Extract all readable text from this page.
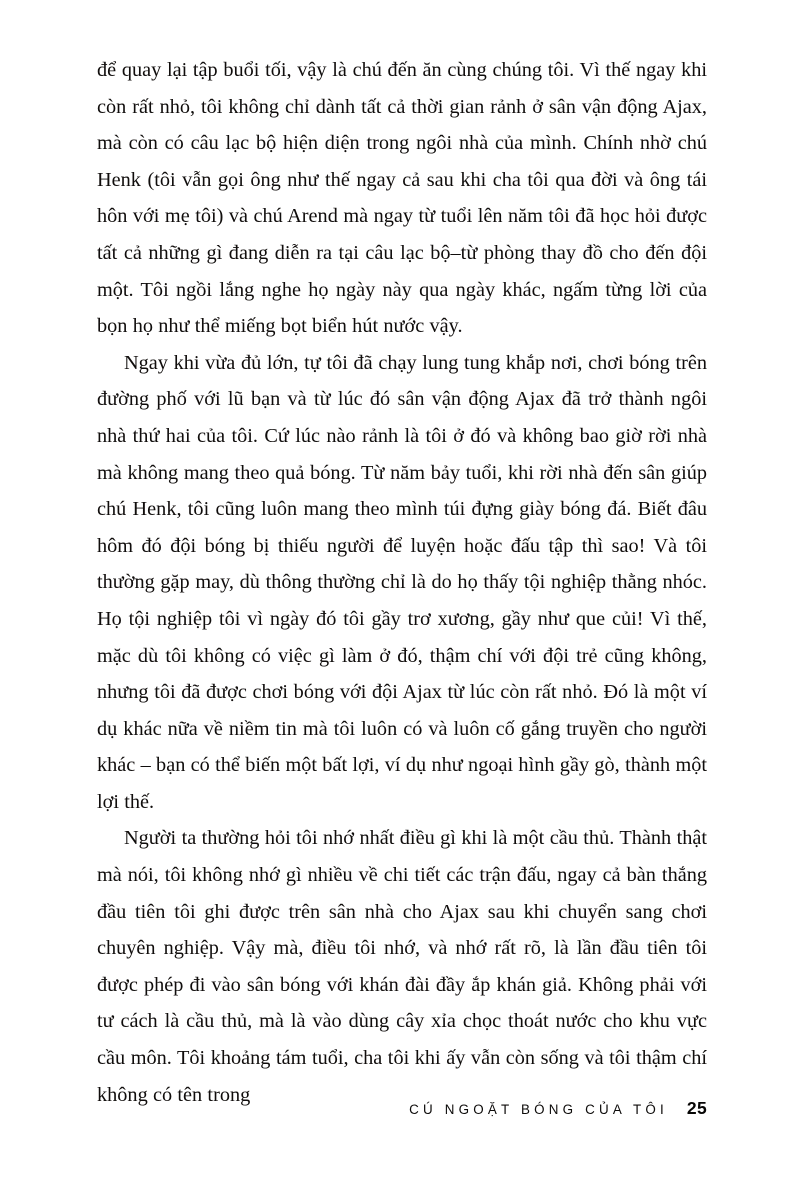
để quay lại tập buổi tối, vậy là chú đến ăn cùng chúng tôi. Vì thế ngay khi còn rất nhỏ, tôi không chỉ dành tất cả thời gian rảnh ở sân vận động Ajax, mà còn có câu lạc bộ hiện diện trong ngôi nhà của mình. Chính nhờ chú Henk (tôi vẫn gọi ông như thế ngay cả sau khi cha tôi qua đời và ông tái hôn với mẹ tôi) và chú Arend mà ngay từ tuổi lên năm tôi đã học hỏi được tất cả những gì đang diễn ra tại câu lạc bộ–từ phòng thay đồ cho đến đội một. Tôi ngồi lắng nghe họ ngày này qua ngày khác, ngấm từng lời của bọn họ như thể miếng bọt biển hút nước vậy.

Ngay khi vừa đủ lớn, tự tôi đã chạy lung tung khắp nơi, chơi bóng trên đường phố với lũ bạn và từ lúc đó sân vận động Ajax đã trở thành ngôi nhà thứ hai của tôi. Cứ lúc nào rảnh là tôi ở đó và không bao giờ rời nhà mà không mang theo quả bóng. Từ năm bảy tuổi, khi rời nhà đến sân giúp chú Henk, tôi cũng luôn mang theo mình túi đựng giày bóng đá. Biết đâu hôm đó đội bóng bị thiếu người để luyện hoặc đấu tập thì sao! Và tôi thường gặp may, dù thông thường chỉ là do họ thấy tội nghiệp thằng nhóc. Họ tội nghiệp tôi vì ngày đó tôi gầy trơ xương, gầy như que củi! Vì thế, mặc dù tôi không có việc gì làm ở đó, thậm chí với đội trẻ cũng không, nhưng tôi đã được chơi bóng với đội Ajax từ lúc còn rất nhỏ. Đó là một ví dụ khác nữa về niềm tin mà tôi luôn có và luôn cố gắng truyền cho người khác – bạn có thể biến một bất lợi, ví dụ như ngoại hình gầy gò, thành một lợi thế.

Người ta thường hỏi tôi nhớ nhất điều gì khi là một cầu thủ. Thành thật mà nói, tôi không nhớ gì nhiều về chi tiết các trận đấu, ngay cả bàn thắng đầu tiên tôi ghi được trên sân nhà cho Ajax sau khi chuyển sang chơi chuyên nghiệp. Vậy mà, điều tôi nhớ, và nhớ rất rõ, là lần đầu tiên tôi được phép đi vào sân bóng với khán đài đầy ắp khán giả. Không phải với tư cách là cầu thủ, mà là vào dùng cây xỉa chọc thoát nước cho khu vực cầu môn. Tôi khoảng tám tuổi, cha tôi khi ấy vẫn còn sống và tôi thậm chí không có tên trong

CÚ NGOẶT BÓNG CỦA TÔI 25
